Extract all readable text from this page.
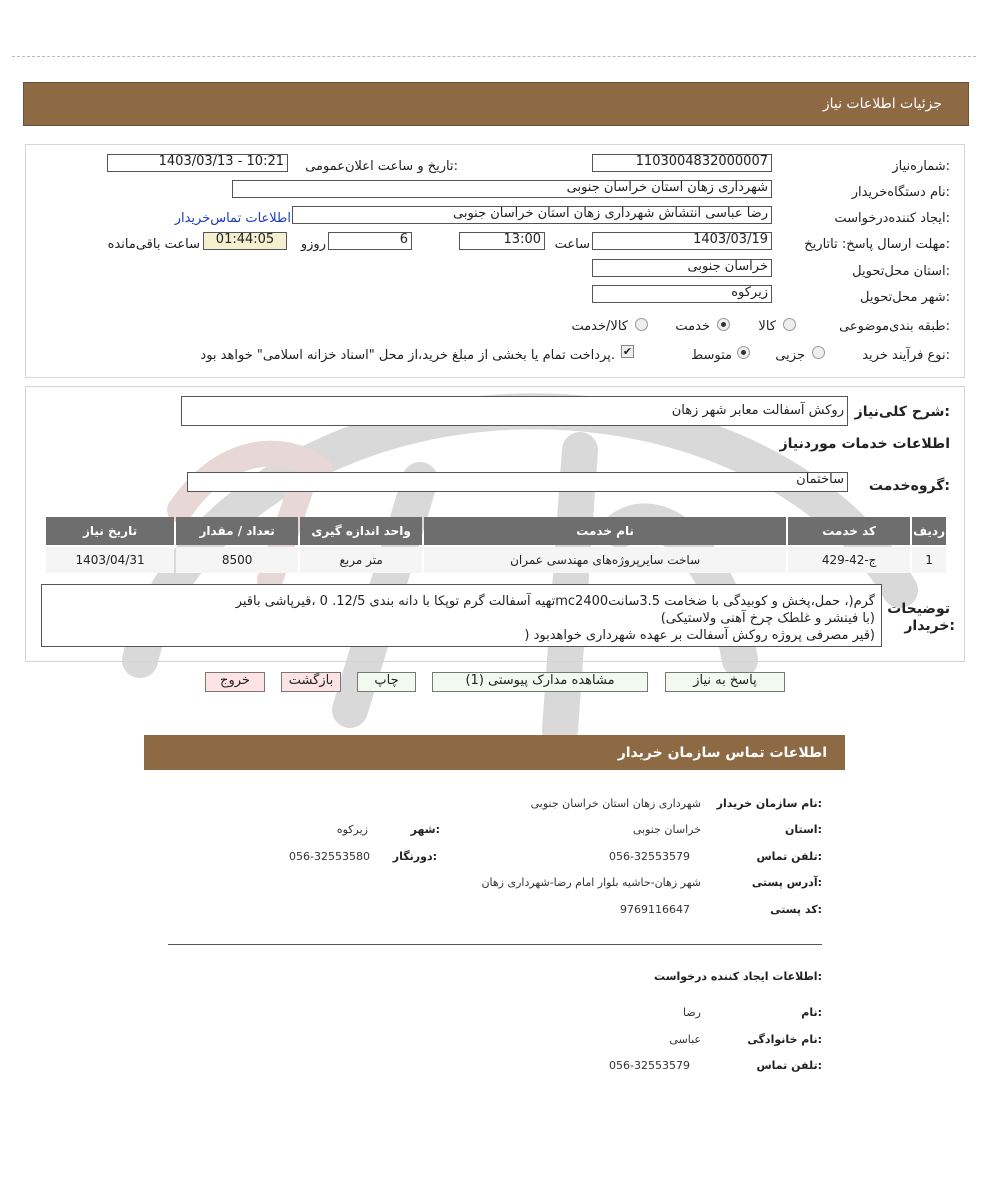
جزئیات اطلاعات نیاز
شماره‌نیاز:
1103004832000007
تاریخ و ساعت اعلان‌عمومی:
1403/03/13 - 10:21
نام دستگاه‌خریدار:
شهرداری زهان استان خراسان جنوبی
ایجاد کننده‌درخواست:
رضا عباسی انتشاش شهرداری زهان استان خراسان جنوبی
اطلاعات تماس‌خریدار
مهلت ارسال پاسخ: تاتاریخ:
1403/03/19
ساعت
13:00
6
روزو
01:44:05
ساعت باقی‌مانده
استان محل‌تحویل:
خراسان جنوبی
شهر محل‌تحویل:
زیرکوه
طبقه بندی‌موضوعی:
کالا
خدمت
کالا/خدمت
نوع فرآیند خرید:
جزیی
متوسط
✔
پرداخت تمام یا بخشی از مبلغ خرید،از محل "اسناد خزانه اسلامی" خواهد بود.
شرح کلی‌نیاز:
روکش آسفالت معابر شهر زهان
اطلاعات خدمات مورد‌نیاز
گروه‌خدمت:
ساختمان
ردیف	کد خدمت	نام خدمت	واحد اندازه گیری	تعداد / مقدار	تاریخ نیاز
1	ج-42-429	ساخت سایرپروژه‌های مهندسی عمران	متر مربع	8500	1403/04/31
توضیحات
خریدار:
تهیه آسفالت گرم توپکا با دانه بندی 12/5. 0 ،قیرپاشی باقیرmc2400گرم(، حمل،پخش و کوبیدگی با ضخامت 3.5سانت
(با فینشر و غلطک چرخ آهنی ولاستیکی)
) قیر مصرفی پروژه روکش آسفالت بر عهده شهرداری خواهدبود)
پاسخ به نیاز
مشاهده مدارک پیوستی (1)
چاپ
بازگشت
خروج
اطلاعات تماس سازمان خریدار
نام سازمان خریدار:
شهرداری زهان استان خراسان جنوبی
استان:
خراسان جنوبی
شهر:
زیرکوه
تلفن تماس:
056-32553579
دورنگار:
056-32553580
آدرس پستی:
شهر زهان-حاشیه بلوار امام رضا-شهرداری زهان
کد پستی:
9769116647
اطلاعات ایجاد کننده درخواست:
نام:
رضا
نام خانوادگی:
عباسی
تلفن تماس:
056-32553579
